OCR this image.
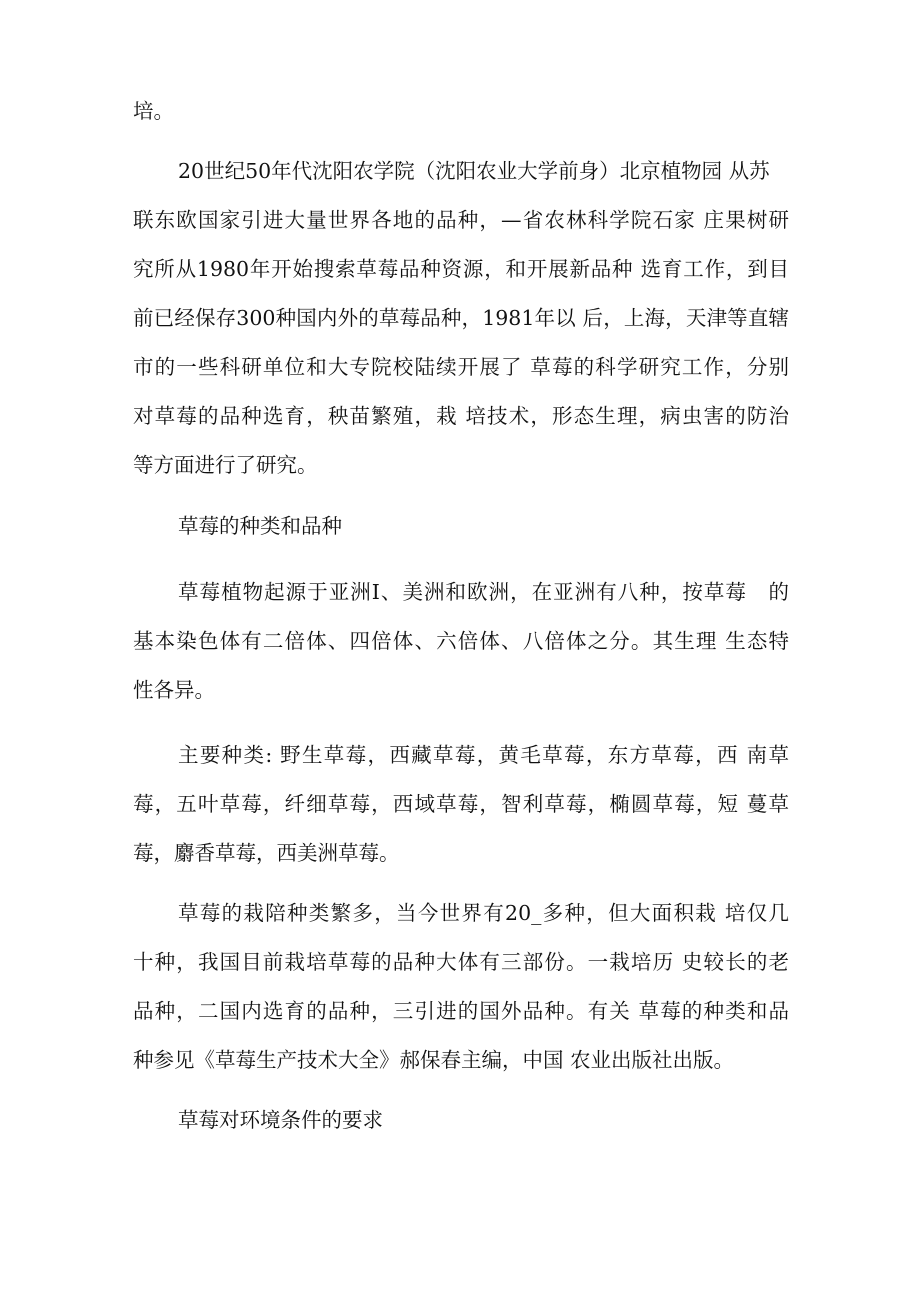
培。

20世纪50年代沈阳农学院（沈阳农业大学前身）北京植物园 从苏

联东欧国家引进大量世界各地的品种，—省农林科学院石家 庄果树研

究所从1980年开始搜索草莓品种资源，和开展新品种 选育工作，到目

前已经保存300种国内外的草莓品种，1981年以 后，上海，天津等直辖

市的一些科研单位和大专院校陆续开展了 草莓的科学研究工作，分别

对草莓的品种选育，秧苗繁殖，栽 培技术，形态生理，病虫害的防治

等方面进行了研究。

草莓的种类和品种

草莓植物起源于亚洲I、美洲和欧洲，在亚洲有八种，按草莓　的

基本染色体有二倍体、四倍体、六倍体、八倍体之分。其生理 生态特

性各异。

主要种类: 野生草莓，西藏草莓，黄毛草莓，东方草莓，西 南草

莓，五叶草莓，纤细草莓，西域草莓，智利草莓，椭圆草莓，短 蔓草

莓，麝香草莓，西美洲草莓。

草莓的栽陪种类繁多，当今世界有20_多种，但大面积栽 培仅几

十种，我国目前栽培草莓的品种大体有三部份。一栽培历 史较长的老

品种，二国内选育的品种，三引进的国外品种。有关 草莓的种类和品

种参见《草莓生产技术大全》郝保春主编，中国 农业出版社出版。

草莓对环境条件的要求
